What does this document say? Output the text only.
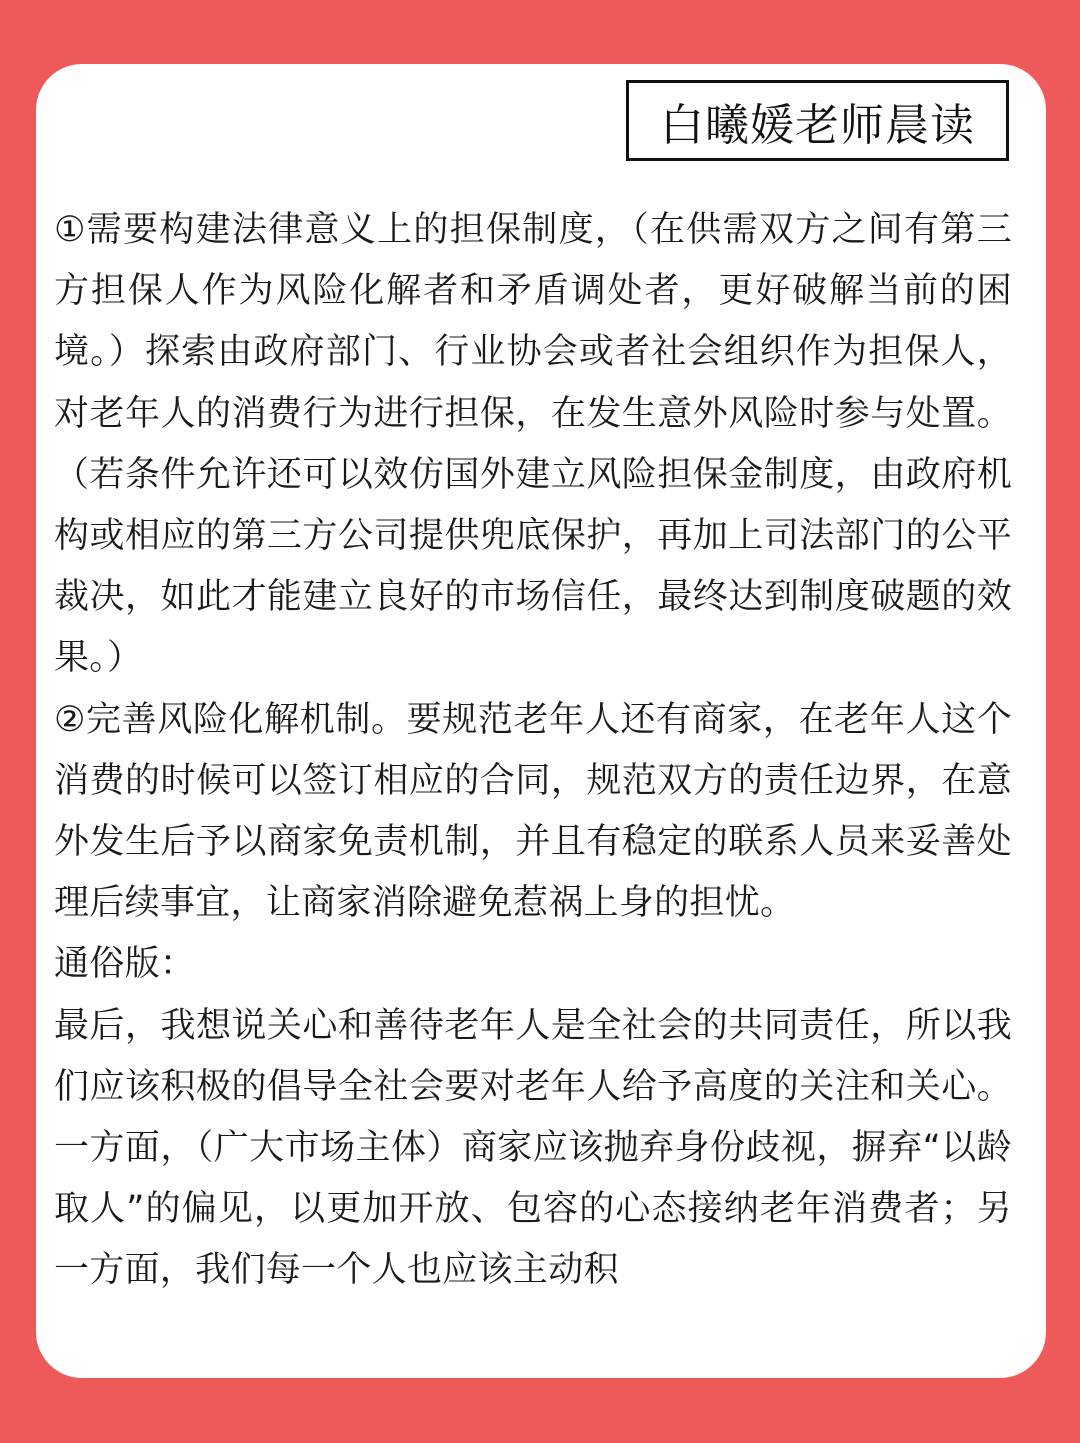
白曦媛老师晨读

①需要构建法律意义上的担保制度，（在供需双方之间有第三方担保人作为风险化解者和矛盾调处者，更好破解当前的困境。）探索由政府部门、行业协会或者社会组织作为担保人，对老年人的消费行为进行担保，在发生意外风险时参与处置。（若条件允许还可以效仿国外建立风险担保金制度，由政府机构或相应的第三方公司提供兜底保护，再加上司法部门的公平裁决，如此才能建立良好的市场信任，最终达到制度破题的效果。）

②完善风险化解机制。要规范老年人还有商家，在老年人这个消费的时候可以签订相应的合同，规范双方的责任边界，在意外发生后予以商家免责机制，并且有稳定的联系人员来妥善处理后续事宜，让商家消除避免惹祸上身的担忧。

通俗版：

最后，我想说关心和善待老年人是全社会的共同责任，所以我们应该积极的倡导全社会要对老年人给予高度的关注和关心。一方面，（广大市场主体）商家应该抛弃身份歧视，摒弃“以龄取人”的偏见，以更加开放、包容的心态接纳老年消费者；另一方面，我们每一个人也应该主动积
